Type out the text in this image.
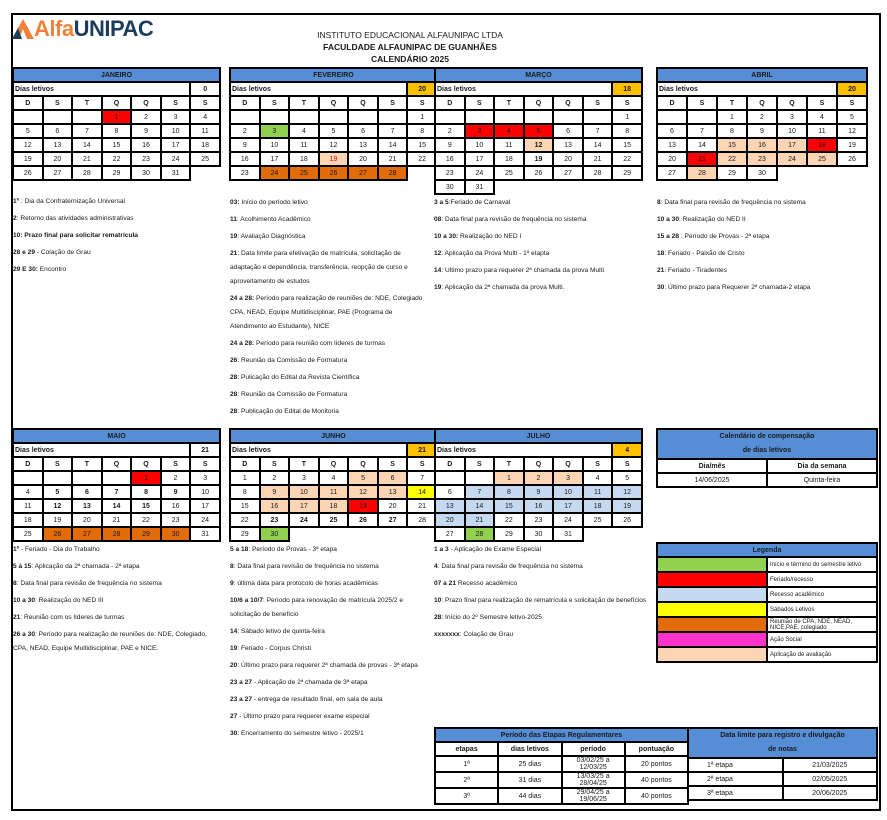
Alfa UNIPAC	INSTITUTO EDUCACIONAL ALFAUNIPAC LTDA
FACULDADE ALFAUNIPAC DE GUANHÃES
CALENDÁRIO 2025
JANEIRO						
Dias letivos						0
D	S	T	Q	Q	S	S
			1	2	3	4
5	6	7	8	9	10	11
12	13	14	15	16	17	18
19	20	21	22	23	24	25
26	27	28	29	30	31	
FEVEREIRO						
Dias letivos						20
D	S	T	Q	Q	S	S
						1
2	3	4	5	6	7	8
9	10	11	12	13	14	15
16	17	18	19	20	21	22
23	24	25	26	27	28	
MARÇO						
Dias letivos						18
D	S	T	Q	Q	S	S
						1
2	3	4	5	6	7	8
9	10	11	12	13	14	15
16	17	18	19	20	21	22
23	24	25	26	27	28	29
30	31					
ABRIL						
Dias letivos						20
D	S	T	Q	Q	S	S
		1	2	3	4	5
6	7	8	9	10	11	12
13	14	15	16	17	18	19
20	21	22	23	24	25	26
27	28	29	30			
MAIO						
Dias letivos						21
D	S	T	Q	Q	S	S
				1	2	3
4	5	6	7	8	9	10
11	12	13	14	15	16	17
18	19	20	21	22	23	24
25	26	27	28	29	30	31
JUNHO						
Dias letivos						21
D	S	T	Q	Q	S	S
1	2	3	4	5	6	7
8	9	10	11	12	13	14
15	16	17	18	19	20	21
22	23	24	25	26	27	28
29	30					
JULHO						
Dias letivos						4
D	S	T	Q	Q	S	S
		1	2	3	4	5
6	7	8	9	10	11	12
13	14	15	16	17	18	19
20	21	22	23	24	25	26
27	28	29	30	31		

1º : Dia da Confraternização Universal

2: Retorno das atividades administrativas

10: Prazo final para solicitar rematrícula

28 e 29 - Colação de Grau

29 E 30: Encontro

03: Início do período letivo

11: Acolhimento Acadêmico

19: Avaliação Diagnóstica

21: Data limite para efetivação de matrícula, solicitação de adaptação e dependência, transferência, reopção de curso e aproveitamento de estudos

24 a 28: Período para realização de reuniões de: NDE, Colegiado CPA, NEAD, Equipe Multidisciplinar, PAE (Programa de Atendimento ao Estudante), NICE

24 a 28: Período para reunião com líderes de turmas

26: Reunião da Comissão de Formatura

28: Pulicação do Edital da Revista Científica

28: Reunião da Comissão de Formatura

28: Publicação do Edital de Monitoria

3 a 5:Feriado de Carnaval

08: Data final para revisão de frequência no sistema

10 a 30: Realização do NED I

12: Aplicação da Prova Multi - 1ª etapta

14: Ultimo prazo para requerer 2ª chamada da prova Multi

19: Aplicação da 2ª chamada da prova Multi.

8: Data final para revisão de frequência no sistema

10 a 30: Realização do NED II

15 a 28 : Período de Provas - 2ª etapa

18: Feriado - Paixão de Cristo

21: Feriado - Tiradentes

30: Último prazo para Requerer 2ª chamada-2 etapa

1º - Feriado - Dia do Trabalho

5 à 15: Aplicação da 2ª chamada - 2ª etapa

8: Data final para revisão de frequência no sistema

10 a 30: Realização do NED III

21: Reunião com os líderes de turmas

26 a 30: Período para realização de reuniões de: NDE, Colegiado, CPA, NEAD, Equipe Multidisciplinar, PAE e NICE.

5 a 18: Período de Provas - 3ª etapa

8: Data final para revisão de frequência no sistema

9: última data para protocolo de horas acadêmicas

10/6 a 10/7: Período para renovação de matrícula 2025/2 e solicitação de benefício

14: Sábado letivo de quinta-feira

19: Feriado - Corpus Christi

20: Último prazo para requerer 2ª chamada de provas - 3ª etapa

23 a 27 - Aplicação de 2ª chamada de 3ª etapa

23 a 27 - entrega de resultado final, em sala de aula

27 - Último prazo para requerer exame especial

30: Encerramento do semestre letivo - 2025/1

1 a 3 - Aplicação de Exame Especial

4: Data final para revisão de frequência no sistema

07 a 21 Recesso acadêmico

10: Prazo final para realização de rematrícula e solicitação de benefícios

28: Início do 2º Semestre letivo-2025

xxxxxxx: Colação de Grau

Calendário de compensação
de dias letivos	

Dia/mês	Dia da semana
14/06/2025	Quinta-feira
Legenda	
	Início e término do semestre letivo
	Feriado/recesso
	Recesso acadêmico
	Sábados Letivos
	Reunião de CPA, NDE, NEAD, NICE,PAE, colegiado
	Ação Social
	Aplicação de avaliação
Período das Etapas Regulamentares			
etapas	dias letivos	período	pontuação
1ª	25 dias	03/02/25 a 12/03/25	20 pontos
2ª	31 dias	13/03/25 a 28/04/25	40 pontos
3ª	44 dias	29/04/25 a 19/06/25	40 pontos
Data limite para registro e divulgação
de notas	

1ª etapa	21/03/2025
2ª etapa	02/05/2025
3ª etapa	20/06/2025
